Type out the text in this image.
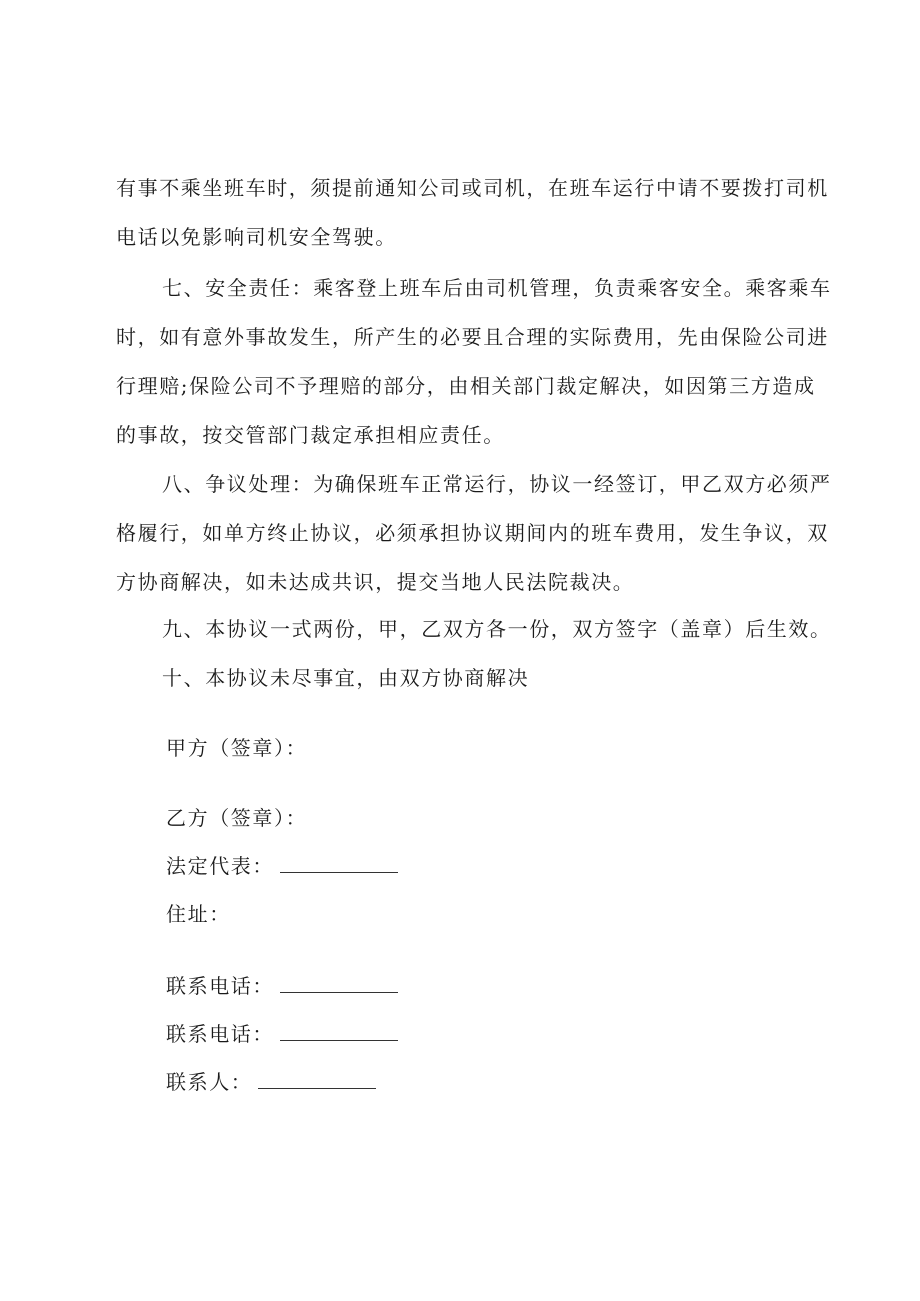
有事不乘坐班车时，须提前通知公司或司机，在班车运行中请不要拨打司机电话以免影响司机安全驾驶。

七、安全责任：乘客登上班车后由司机管理，负责乘客安全。乘客乘车时，如有意外事故发生，所产生的必要且合理的实际费用，先由保险公司进行理赔;保险公司不予理赔的部分，由相关部门裁定解决，如因第三方造成的事故，按交管部门裁定承担相应责任。

八、争议处理：为确保班车正常运行，协议一经签订，甲乙双方必须严格履行，如单方终止协议，必须承担协议期间内的班车费用，发生争议，双方协商解决，如未达成共识，提交当地人民法院裁决。

九、本协议一式两份，甲，乙双方各一份，双方签字（盖章）后生效。

十、本协议未尽事宜，由双方协商解决

甲方（签章）：
乙方（签章）：
法定代表：
住址：
联系电话：
联系电话：
联系人：
